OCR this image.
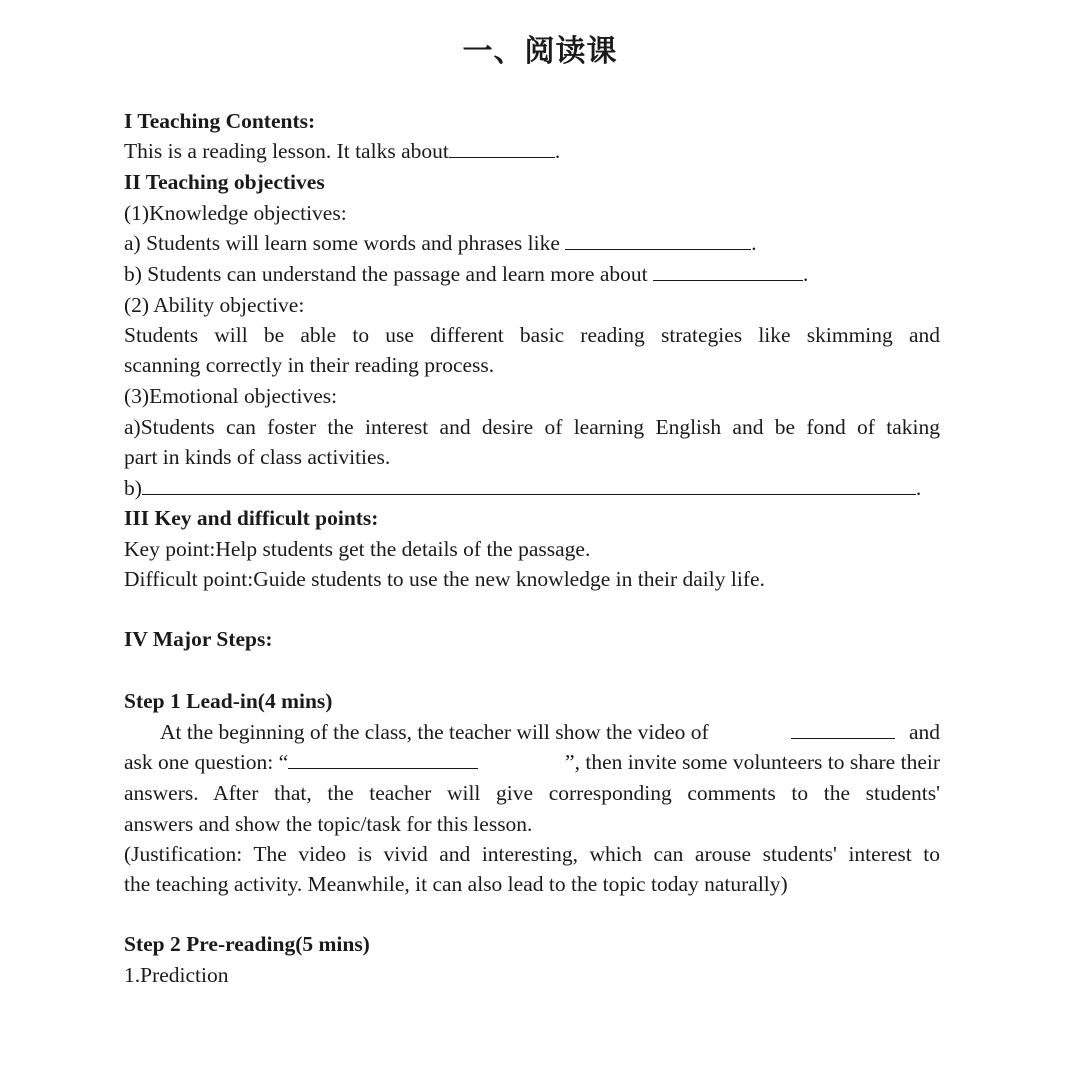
一、阅读课
I Teaching Contents:
This is a reading lesson. It talks about	.
II Teaching objectives
(1)Knowledge objectives:
a) Students will learn some words and phrases like	.
b) Students can understand the passage and learn more about	.
(2) Ability objective:
Students will be able to use different basic reading strategies like skimming and
scanning correctly in their reading process.
(3)Emotional objectives:
a)Students can foster the interest and desire of learning English and be fond of taking
part in kinds of class activities.
b)	.
III Key and difficult points:
Key point:Help students get the details of the passage.
Difficult point:Guide students to use the new knowledge in their daily life.
IV Major Steps:
Step 1 Lead-in(4 mins)
At the beginning of the class, the teacher will show the video of	and
ask one question: “	”, then invite some volunteers to share their
answers. After that, the teacher will give corresponding comments to the students'
answers and show the topic/task for this lesson.
(Justification: The video is vivid and interesting, which can arouse students' interest to
the teaching activity. Meanwhile, it can also lead to the topic today naturally)
Step 2 Pre-reading(5 mins)
1.Prediction
